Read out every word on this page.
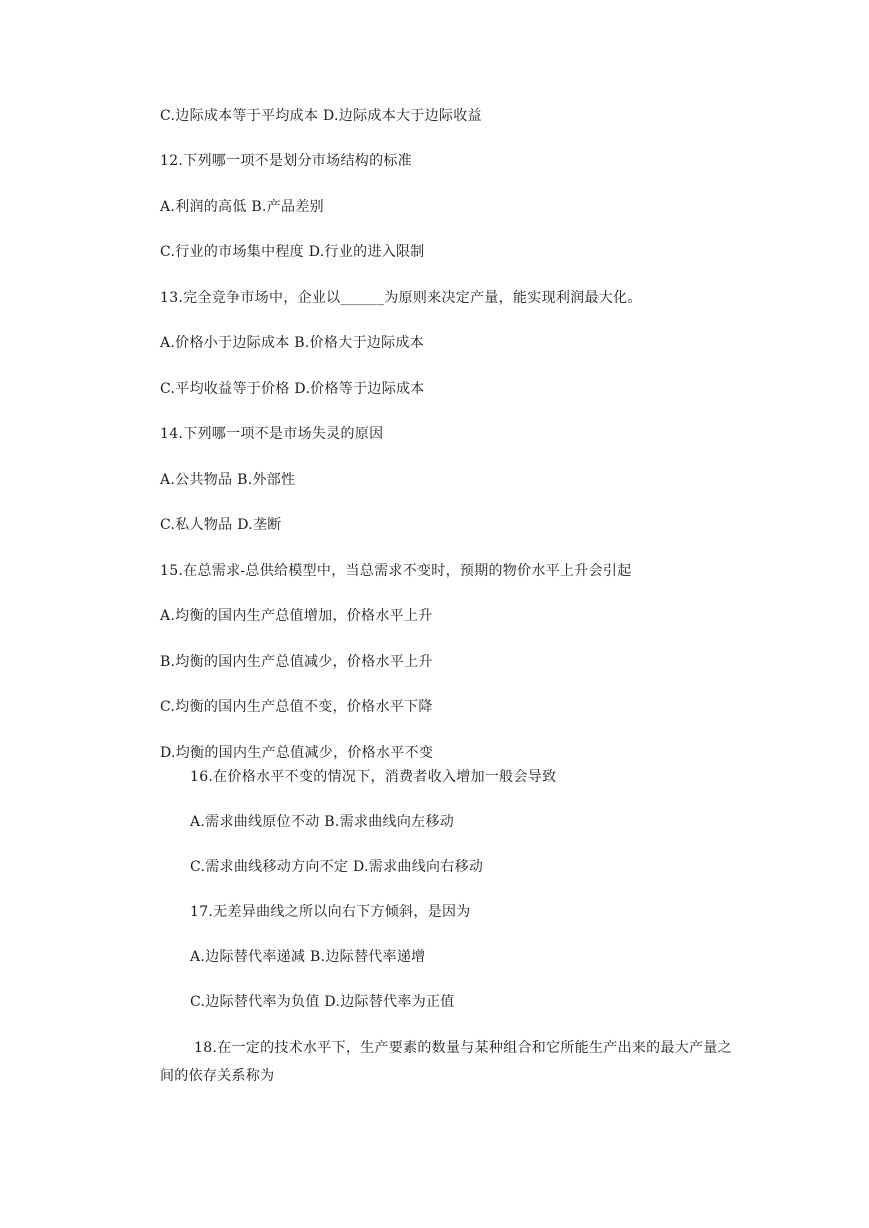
C.边际成本等于平均成本 D.边际成本大于边际收益
12.下列哪一项不是划分市场结构的标准
A.利润的高低 B.产品差别
C.行业的市场集中程度 D.行业的进入限制
13.完全竞争市场中，企业以______为原则来决定产量，能实现利润最大化。
A.价格小于边际成本 B.价格大于边际成本
C.平均收益等于价格 D.价格等于边际成本
14.下列哪一项不是市场失灵的原因
A.公共物品 B.外部性
C.私人物品 D.垄断
15.在总需求-总供给模型中，当总需求不变时，预期的物价水平上升会引起
A.均衡的国内生产总值增加，价格水平上升
B.均衡的国内生产总值减少，价格水平上升
C.均衡的国内生产总值不变，价格水平下降
D.均衡的国内生产总值减少，价格水平不变
16.在价格水平不变的情况下，消费者收入增加一般会导致
A.需求曲线原位不动 B.需求曲线向左移动
C.需求曲线移动方向不定 D.需求曲线向右移动
17.无差异曲线之所以向右下方倾斜，是因为
A.边际替代率递减 B.边际替代率递增
C.边际替代率为负值 D.边际替代率为正值
18.在一定的技术水平下，生产要素的数量与某种组合和它所能生产出来的最大产量之间的依存关系称为
